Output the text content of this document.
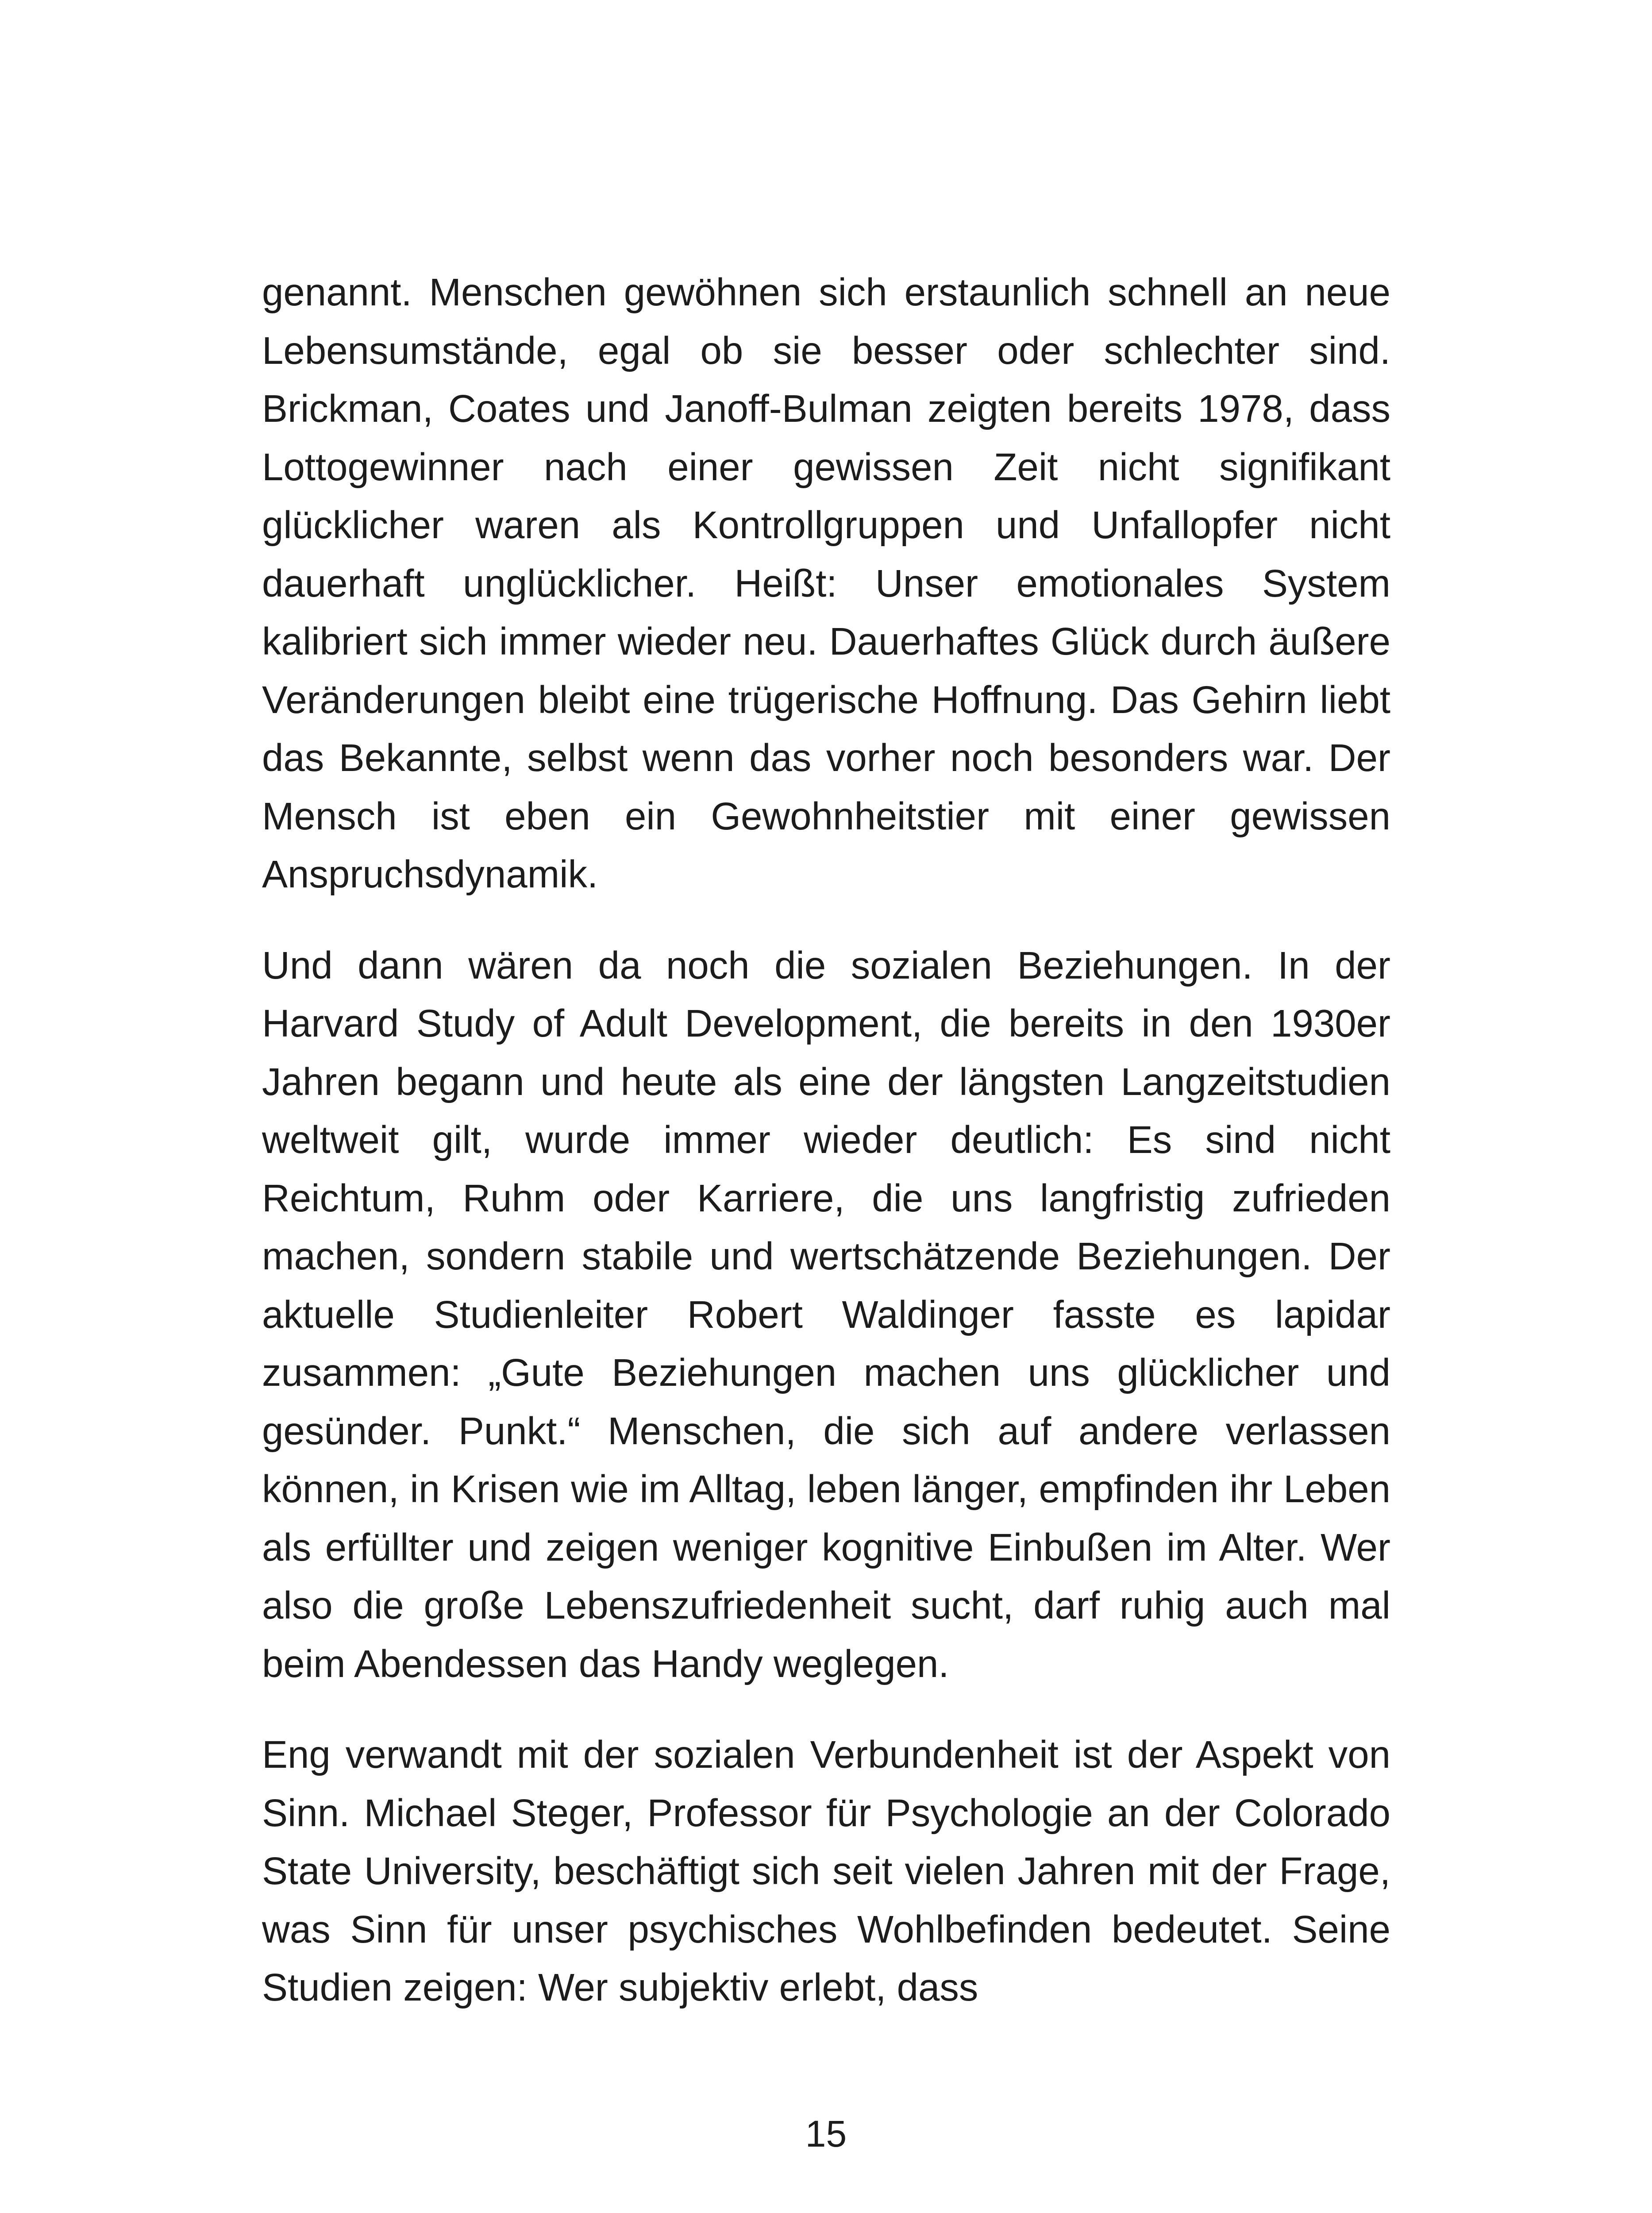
genannt. Menschen gewöhnen sich erstaunlich schnell an neue Lebensumstände, egal ob sie besser oder schlechter sind. Brickman, Coates und Janoff-Bulman zeigten bereits 1978, dass Lottogewinner nach einer gewissen Zeit nicht signifikant glücklicher waren als Kontrollgruppen und Unfallopfer nicht dauerhaft unglücklicher. Heißt: Unser emotionales System kalibriert sich immer wieder neu. Dauerhaftes Glück durch äußere Veränderungen bleibt eine trügerische Hoffnung. Das Gehirn liebt das Bekannte, selbst wenn das vorher noch besonders war. Der Mensch ist eben ein Gewohnheitstier mit einer gewissen Anspruchsdynamik.

Und dann wären da noch die sozialen Beziehungen. In der Harvard Study of Adult Development, die bereits in den 1930er Jahren begann und heute als eine der längsten Langzeitstudien weltweit gilt, wurde immer wieder deutlich: Es sind nicht Reichtum, Ruhm oder Karriere, die uns langfristig zufrieden machen, sondern stabile und wertschätzende Beziehungen. Der aktuelle Studienleiter Robert Waldinger fasste es lapidar zusammen: „Gute Beziehungen machen uns glücklicher und gesünder. Punkt.“ Menschen, die sich auf andere verlassen können, in Krisen wie im Alltag, leben länger, empfinden ihr Leben als erfüllter und zeigen weniger kognitive Einbußen im Alter. Wer also die große Lebenszufriedenheit sucht, darf ruhig auch mal beim Abendessen das Handy weglegen.

Eng verwandt mit der sozialen Verbundenheit ist der Aspekt von Sinn. Michael Steger, Professor für Psychologie an der Colorado State University, beschäftigt sich seit vielen Jahren mit der Frage, was Sinn für unser psychisches Wohlbefinden bedeutet. Seine Studien zeigen: Wer subjektiv erlebt, dass

15
